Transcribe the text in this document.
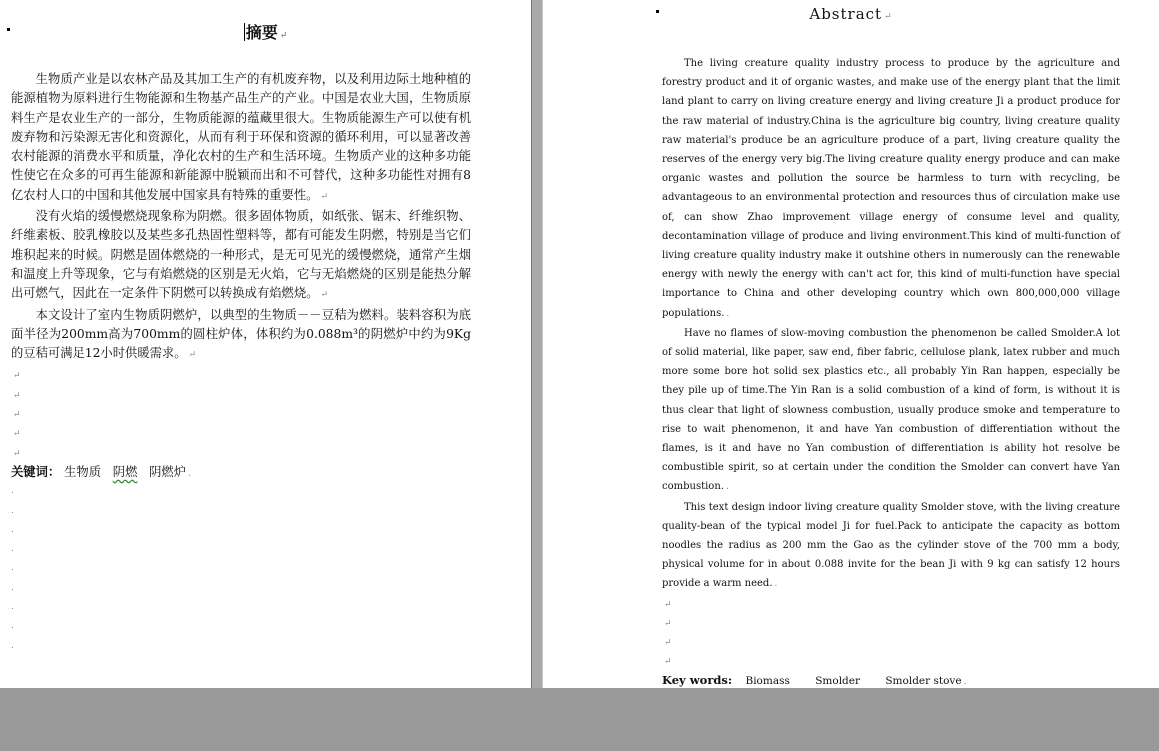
摘要 ↵
Abstract ↵

生物质产业是以农林产品及其加工生产的有机废弃物，以及利用边际土地种植的能源植物为原料进行生物能源和生物基产品生产的产业。中国是农业大国，生物质原料生产是农业生产的一部分，生物质能源的蕴藏里很大。生物质能源生产可以使有机废弃物和污染源无害化和资源化，从而有利于环保和资源的循环利用，可以显著改善农村能源的消费水平和质量，净化农村的生产和生活环境。生物质产业的这种多功能性使它在众多的可再生能源和新能源中脱颖而出和不可替代，这种多功能性对拥有8亿农村人口的中国和其他发展中国家具有特殊的重要性。 ↵

没有火焰的缓慢燃烧现象称为阴燃。很多固体物质，如纸张、锯末、纤维织物、纤维素板、胶乳橡胶以及某些多孔热固性塑料等，都有可能发生阴燃，特别是当它们堆积起来的时候。阴燃是固体燃烧的一种形式，是无可见光的缓慢燃烧，通常产生烟和温度上升等现象，它与有焰燃烧的区别是无火焰，它与无焰燃烧的区别是能热分解出可燃气，因此在一定条件下阴燃可以转换成有焰燃烧。 ↵

本文设计了室内生物质阴燃炉，以典型的生物质－－豆秸为燃料。装料容积为底面半径为200mm高为700mm的圆柱炉体，体积约为0.088m³的阴燃炉中约为9Kg的豆秸可满足12小时供暖需求。 ↵

↵

↵

↵

↵

↵

关键词： 生物质 阴燃 阴燃炉 .

.
.
.
.
.
.
.
.
.

The living creature quality industry process to produce by the agriculture and forestry product and it of organic wastes, and make use of the energy plant that the limit land plant to carry on living creature energy and living creature Ji a product produce for the raw material of industry.China is the agriculture big country, living creature quality raw material's produce be an agriculture produce of a part, living creature quality the reserves of the energy very big.The living creature quality energy produce and can make organic wastes and pollution the source be harmless to turn with recycling, be advantageous to an environmental protection and resources thus of circulation make use of, can show Zhao improvement village energy of consume level and quality, decontamination village of produce and living environment.This kind of multi-function of living creature quality industry make it outshine others in numerously can the renewable energy with newly the energy with can't act for, this kind of multi-function have special importance to China and other developing country which own 800,000,000 village populations. .

Have no flames of slow-moving combustion the phenomenon be called Smolder.A lot of solid material, like paper, saw end, fiber fabric, cellulose plank, latex rubber and much more some bore hot solid sex plastics etc., all probably Yin Ran happen, especially be they pile up of time.The Yin Ran is a solid combustion of a kind of form, is without it is thus clear that light of slowness combustion, usually produce smoke and temperature to rise to wait phenomenon, it and have Yan combustion of differentiation without the flames, is it and have no Yan combustion of differentiation is ability hot resolve be combustible spirit, so at certain under the condition the Smolder can convert have Yan combustion. .

This text design indoor living creature quality Smolder stove, with the living creature quality-bean of the typical model Ji for fuel.Pack to anticipate the capacity as bottom noodles the radius as 200 mm the Gao as the cylinder stove of the 700 mm a body, physical volume for in about 0.088 invite for the bean Ji with 9 kg can satisfy 12 hours provide a warm need. .

↵

↵

↵

↵

Key words: Biomass Smolder Smolder stove .

.
.
.
